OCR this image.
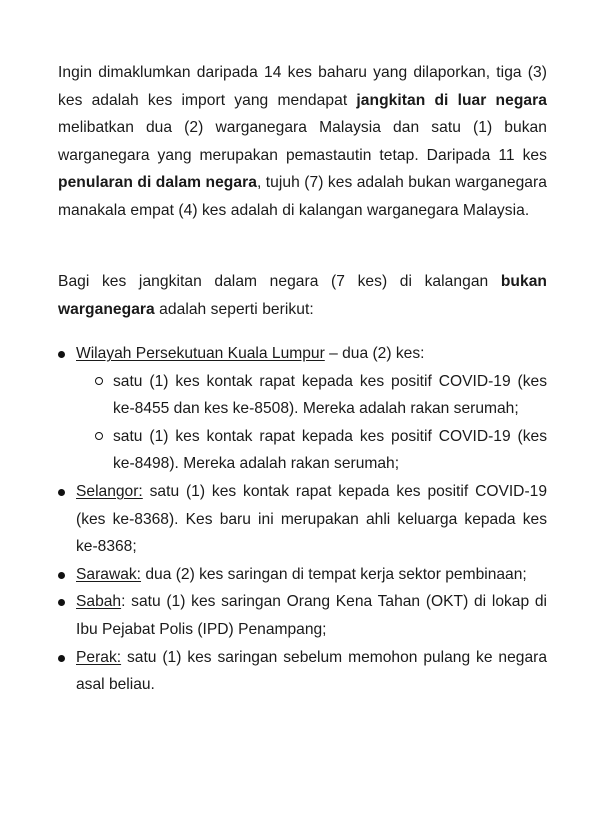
Ingin dimaklumkan daripada 14 kes baharu yang dilaporkan, tiga (3) kes adalah kes import yang mendapat jangkitan di luar negara melibatkan dua (2) warganegara Malaysia dan satu (1) bukan warganegara yang merupakan pemastautin tetap. Daripada 11 kes penularan di dalam negara, tujuh (7) kes adalah bukan warganegara manakala empat (4) kes adalah di kalangan warganegara Malaysia.

Bagi kes jangkitan dalam negara (7 kes) di kalangan bukan warganegara adalah seperti berikut:

Wilayah Persekutuan Kuala Lumpur – dua (2) kes:
satu (1) kes kontak rapat kepada kes positif COVID-19 (kes ke-8455 dan kes ke-8508). Mereka adalah rakan serumah;
satu (1) kes kontak rapat kepada kes positif COVID-19 (kes ke-8498). Mereka adalah rakan serumah;
Selangor: satu (1) kes kontak rapat kepada kes positif COVID-19 (kes ke-8368). Kes baru ini merupakan ahli keluarga kepada kes ke-8368;
Sarawak: dua (2) kes saringan di tempat kerja sektor pembinaan;
Sabah: satu (1) kes saringan Orang Kena Tahan (OKT) di lokap di Ibu Pejabat Polis (IPD) Penampang;
Perak: satu (1) kes saringan sebelum memohon pulang ke negara asal beliau.
